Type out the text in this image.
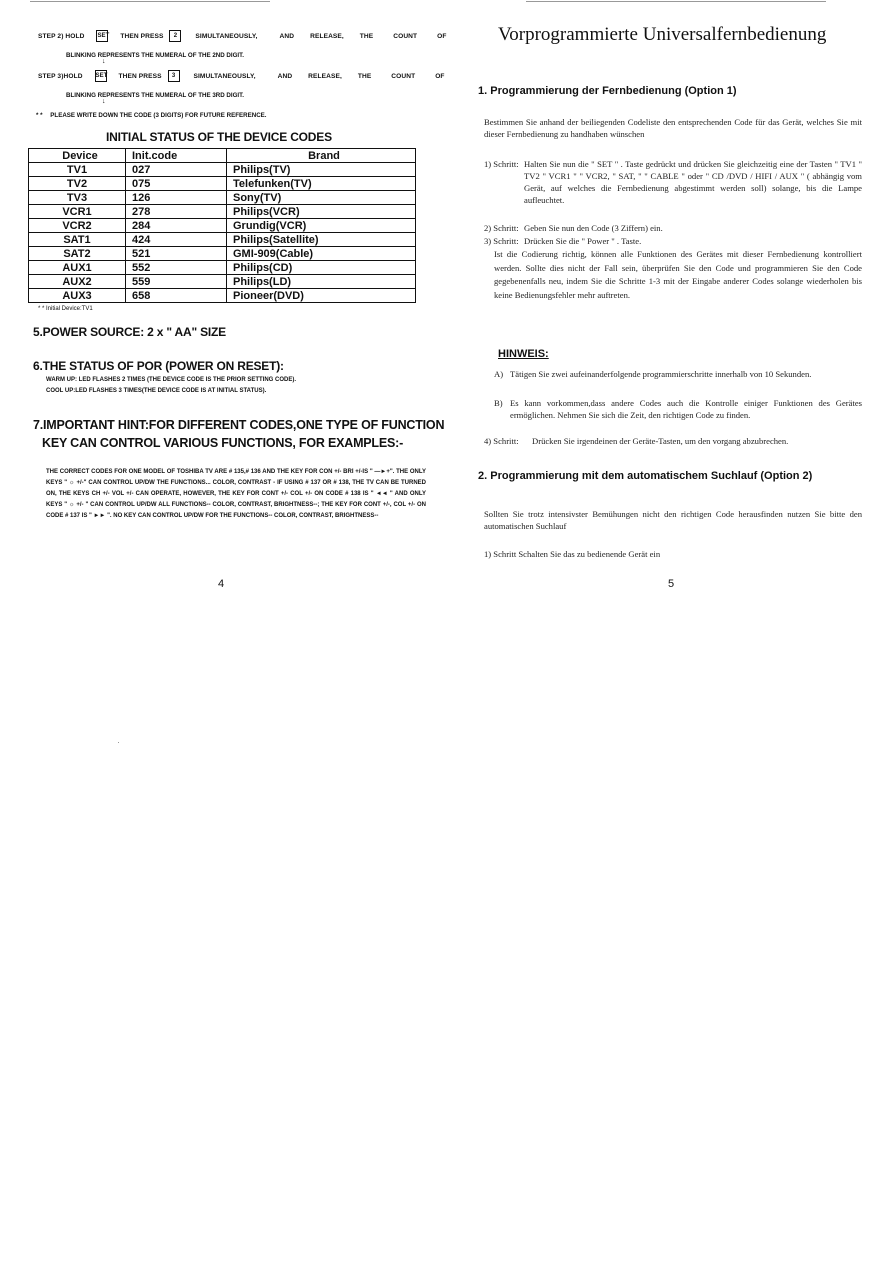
STEP 2) HOLD SET THEN PRESS 2	SIMULTANEOUSLY,	AND RELEASE, THE	COUNT	OF
BLINKING REPRESENTS THE NUMERAL OF THE 2ND DIGIT.
↓
STEP 3)HOLD SET THEN PRESS 3	SIMULTANEOUSLY,	AND RELEASE, THE	COUNT	OF
BLINKING REPRESENTS THE NUMERAL OF THE 3RD DIGIT.
↓
* * PLEASE WRITE DOWN THE CODE (3 DIGITS) FOR FUTURE REFERENCE.
INITIAL STATUS OF THE DEVICE CODES
Device	Init.code	Brand
TV1	027	Philips(TV)
TV2	075	Telefunken(TV)
TV3	126	Sony(TV)
VCR1	278	Philips(VCR)
VCR2	284	Grundig(VCR)
SAT1	424	Philips(Satellite)
SAT2	521	GMI-909(Cable)
AUX1	552	Philips(CD)
AUX2	559	Philips(LD)
AUX3	658	Pioneer(DVD)
* * Initial Device:TV1
5.POWER SOURCE: 2 x " AA" SIZE
6.THE STATUS OF POR (POWER ON RESET):
WARM UP: LED FLASHES 2 TIMES (THE DEVICE CODE IS THE PRIOR SETTING CODE).
COOL UP:LED FLASHES 3 TIMES(THE DEVICE CODE IS AT INITIAL STATUS).
7.IMPORTANT HINT:FOR DIFFERENT CODES,ONE TYPE OF FUNCTION
KEY CAN CONTROL VARIOUS FUNCTIONS, FOR EXAMPLES:-
THE CORRECT CODES FOR ONE MODEL OF TOSHIBA TV ARE # 135,# 136 AND THE KEY FOR CON +/- BRI +/-IS " —►+". THE ONLY KEYS " ☼ +/-" CAN CONTROL UP/DW THE FUNCTIONS... COLOR, CONTRAST - IF USING # 137 OR # 138, THE TV CAN BE TURNED ON, THE KEYS CH +/- VOL +/- CAN OPERATE, HOWEVER, THE KEY FOR CONT +/- COL +/- ON CODE # 138 IS " ◄◄ " AND ONLY KEYS " ☼ +/- " CAN CONTROL UP/DW ALL FUNCTIONS-- COLOR, CONTRAST, BRIGHTNESS--; THE KEY FOR CONT +/-, COL +/- ON CODE # 137 IS " ►► ". NO KEY CAN CONTROL UP/DW FOR THE FUNCTIONS-- COLOR, CONTRAST, BRIGHTNESS--
4
Vorprogrammierte Universalfernbedienung
1. Programmierung der Fernbedienung (Option 1)
Bestimmen Sie anhand der beiliegenden Codeliste den entsprechenden Code für das Gerät, welches Sie mit dieser Fernbedienung zu handhaben wünschen
1) Schritt: Halten Sie nun die " SET " . Taste gedrückt und drücken Sie gleichzeitig eine der Tasten " TV1 " TV2 " VCR1 " " VCR2, " SAT, " " CABLE " oder " CD /DVD / HIFI / AUX " ( abhängig vom Gerät, auf welches die Fernbedienung abgestimmt werden soll) solange, bis die Lampe aufleuchtet.
2) Schritt: Geben Sie nun den Code (3 Ziffern) ein.
3) Schritt: Drücken Sie die " Power " . Taste.
Ist die Codierung richtig, können alle Funktionen des Gerätes mit dieser Fernbedienung kontrolliert werden. Sollte dies nicht der Fall sein, überprüfen Sie den Code und programmieren Sie den Code gegebenenfalls neu, indem Sie die Schritte 1-3 mit der Eingabe anderer Codes solange wiederholen bis keine Bedienungsfehler mehr auftreten.
HINWEIS:
A) Tätigen Sie zwei aufeinanderfolgende programmierschritte innerhalb von 10 Sekunden.
B) Es kann vorkommen,dass andere Codes auch die Kontrolle einiger Funktionen des Gerätes ermöglichen. Nehmen Sie sich die Zeit, den richtigen Code zu finden.
4) Schritt: Drücken Sie irgendeinen der Geräte-Tasten, um den vorgang abzubrechen.
2. Programmierung mit dem automatischem Suchlauf (Option 2)
Sollten Sie trotz intensivster Bemühungen nicht den richtigen Code herausfinden nutzen Sie bitte den automatischen Suchlauf
1) Schritt Schalten Sie das zu bedienende Gerät ein
5
